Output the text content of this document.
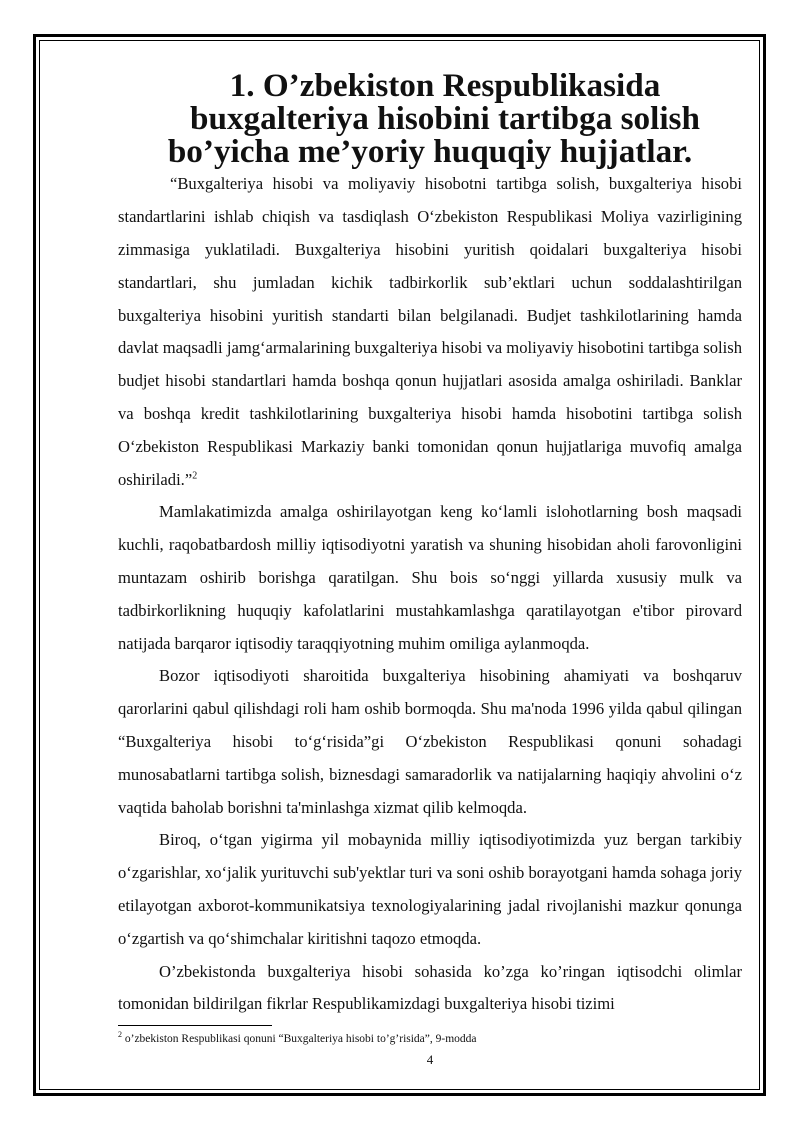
1. O’zbekiston Respublikasida buxgalteriya hisobini tartibga solish
bo’yicha me’yoriy huquqiy hujjatlar.

“Buxgalteriya hisobi va moliyaviy hisobotni tartibga solish, buxgalteriya hisobi standartlarini ishlab chiqish va tasdiqlash O‘zbekiston Respublikasi Moliya vazirligining zimmasiga yuklatiladi. Buxgalteriya hisobini yuritish qoidalari buxgalteriya hisobi standartlari, shu jumladan kichik tadbirkorlik sub’ektlari uchun soddalashtirilgan buxgalteriya hisobini yuritish standarti bilan belgilanadi. Budjet tashkilotlarining hamda davlat maqsadli jamg‘armalarining buxgalteriya hisobi va moliyaviy hisobotini tartibga solish budjet hisobi standartlari hamda boshqa qonun hujjatlari asosida amalga oshiriladi. Banklar va boshqa kredit tashkilotlarining buxgalteriya hisobi hamda hisobotini tartibga solish O‘zbekiston Respublikasi Markaziy banki tomonidan qonun hujjatlariga muvofiq amalga oshiriladi.”$^2$

Mamlakatimizda amalga oshirilayotgan keng ko‘lamli islohotlarning bosh maqsadi kuchli, raqobatbardosh milliy iqtisodiyotni yaratish va shuning hisobidan aholi farovonligini muntazam oshirib borishga qaratilgan. Shu bois so‘nggi yillarda xususiy mulk va tadbirkorlikning huquqiy kafolatlarini mustahkamlashga qaratilayotgan e'tibor pirovard natijada barqaror iqtisodiy taraqqiyotning muhim omiliga aylanmoqda.

Bozor iqtisodiyoti sharoitida buxgalteriya hisobining ahamiyati va boshqaruv qarorlarini qabul qilishdagi roli ham oshib bormoqda. Shu ma'noda 1996 yilda qabul qilingan “Buxgalteriya hisobi to‘g‘risida”gi O‘zbekiston Respublikasi qonuni sohadagi munosabatlarni tartibga solish, biznesdagi samaradorlik va natijalarning haqiqiy ahvolini o‘z vaqtida baholab borishni ta'minlashga xizmat qilib kelmoqda.

Biroq, o‘tgan yigirma yil mobaynida milliy iqtisodiyotimizda yuz bergan tarkibiy o‘zgarishlar, xo‘jalik yurituvchi sub'yektlar turi va soni oshib borayotgani hamda sohaga joriy etilayotgan axborot-kommunikatsiya texnologiyalarining jadal rivojlanishi mazkur qonunga o‘zgartish va qo‘shimchalar kiritishni taqozo etmoqda.

O’zbekistonda buxgalteriya hisobi sohasida ko’zga ko’ringan iqtisodchi olimlar tomonidan bildirilgan fikrlar Respublikamizdagi buxgalteriya hisobi tizimi

$^2$ o’zbekiston Respublikasi qonuni “Buxgalteriya hisobi to’g’risida”, 9-modda
4
